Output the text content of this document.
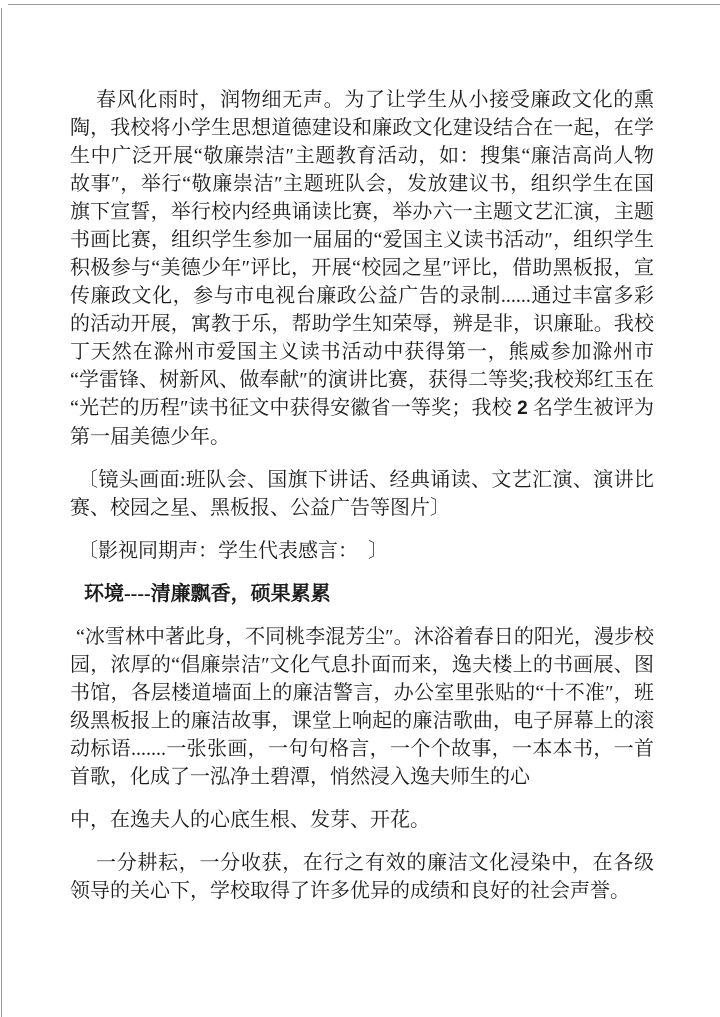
春风化雨时，润物细无声。为了让学生从小接受廉政文化的熏陶，我校将小学生思想道德建设和廉政文化建设结合在一起，在学生中广泛开展“敬廉崇洁″主题教育活动，如：搜集“廉洁高尚人物故事″，举行“敬廉崇洁″主题班队会，发放建议书，组织学生在国旗下宣誓，举行校内经典诵读比赛，举办六一主题文艺汇演，主题书画比赛，组织学生参加一届届的“爱国主义读书活动″，组织学生积极参与“美德少年″评比，开展“校园之星″评比，借助黑板报，宣传廉政文化，参与市电视台廉政公益广告的录制......通过丰富多彩的活动开展，寓教于乐，帮助学生知荣辱，辨是非，识廉耻。我校丁天然在滁州市爱国主义读书活动中获得第一，熊威参加滁州市“学雷锋、树新风、做奉献″的演讲比赛，获得二等奖;我校郑红玉在“光芒的历程″读书征文中获得安徽省一等奖；我校 2 名学生被评为第一届美德少年。

〔镜头画面:班队会、国旗下讲话、经典诵读、文艺汇演、演讲比赛、校园之星、黑板报、公益广告等图片〕

〔影视同期声：学生代表感言：　〕

环境----清廉飘香，硕果累累

“冰雪林中著此身，不同桃李混芳尘″。沐浴着春日的阳光，漫步校园，浓厚的“倡廉崇洁″文化气息扑面而来，逸夫楼上的书画展、图书馆，各层楼道墙面上的廉洁警言，办公室里张贴的“十不准″，班级黑板报上的廉洁故事，课堂上响起的廉洁歌曲，电子屏幕上的滚动标语.......一张张画，一句句格言，一个个故事，一本本书，一首首歌，化成了一泓净土碧潭，悄然浸入逸夫师生的心

中，在逸夫人的心底生根、发芽、开花。

一分耕耘，一分收获，在行之有效的廉洁文化浸染中，在各级领导的关心下，学校取得了许多优异的成绩和良好的社会声誉。
